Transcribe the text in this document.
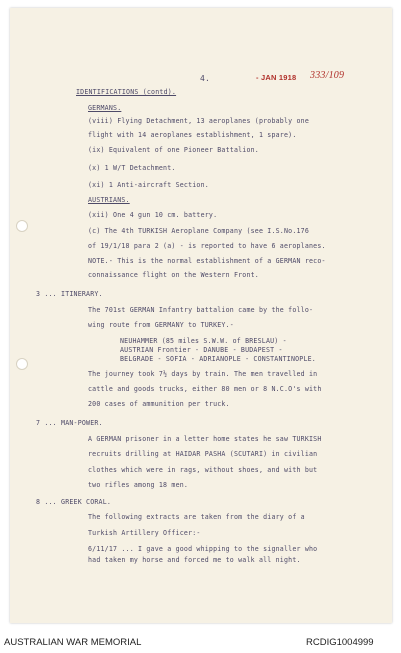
4.	- JAN 1918 333/109
IDENTIFICATIONS (contd).
GERMANS.
(viii) Flying Detachment, 13 aeroplanes (probably one
flight with 14 aeroplanes establishment, 1 spare).
(ix) Equivalent of one Pioneer Battalion.
(x) 1 W/T Detachment.
(xi) 1 Anti-aircraft Section.
AUSTRIANS.
(xii) One 4 gun 10 cm. battery.
(c) The 4th TURKISH Aeroplane Company (see I.S.No.176
of 19/1/18 para 2 (a) - is reported to have 6 aeroplanes.
NOTE.- This is the normal establishment of a GERMAN reco-
connaissance flight on the Western Front.
3 ... ITINERARY.
The 701st GERMAN Infantry battalion came by the follo-
wing route from GERMANY to TURKEY.-
NEUHAMMER (85 miles S.W.W. of BRESLAU) -
AUSTRIAN Frontier - DANUBE - BUDAPEST -
BELGRADE - SOFIA - ADRIANOPLE - CONSTANTINOPLE.
The journey took 7½ days by train. The men travelled in
cattle and goods trucks, either 80 men or 8 N.C.O's with
200 cases of ammunition per truck.
7 ... MAN-POWER.
A GERMAN prisoner in a letter home states he saw TURKISH
recruits drilling at HAIDAR PASHA (SCUTARI) in civilian
clothes which were in rags, without shoes, and with but
two rifles among 18 men.
8 ... GREEK CORAL.
The following extracts are taken from the diary of a
Turkish Artillery Officer:-
6/11/17 ... I gave a good whipping to the signaller who
had taken my horse and forced me to walk all night.
AUSTRALIAN WAR MEMORIAL	RCDIG1004999
